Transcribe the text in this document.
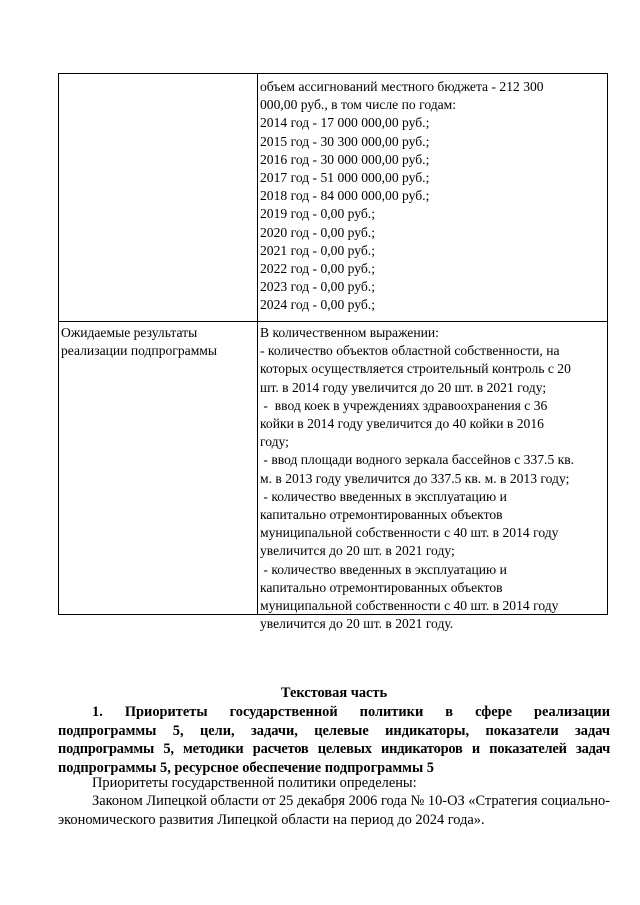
объем ассигнований местного бюджета - 212 300
000,00 руб., в том числе по годам:
2014 год - 17 000 000,00 руб.;
2015 год - 30 300 000,00 руб.;
2016 год - 30 000 000,00 руб.;
2017 год - 51 000 000,00 руб.;
2018 год - 84 000 000,00 руб.;
2019 год - 0,00 руб.;
2020 год - 0,00 руб.;
2021 год - 0,00 руб.;
2022 год - 0,00 руб.;
2023 год - 0,00 руб.;
2024 год - 0,00 руб.;
Ожидаемые результаты
реализации подпрограммы
В количественном выражении:
- количество объектов областной собственности, на
которых осуществляется строительный контроль с 20
шт. в 2014 году увеличится до 20 шт. в 2021 году;
-  ввод коек в учреждениях здравоохранения с 36
койки в 2014 году увеличится до 40 койки в 2016
году;
- ввод площади водного зеркала бассейнов с 337.5 кв.
м. в 2013 году увеличится до 337.5 кв. м. в 2013 году;
- количество введенных в эксплуатацию и
капитально отремонтированных объектов
муниципальной собственности с 40 шт. в 2014 году
увеличится до 20 шт. в 2021 году;
- количество введенных в эксплуатацию и
капитально отремонтированных объектов
муниципальной собственности с 40 шт. в 2014 году
увеличится до 20 шт. в 2021 году.
Текстовая часть
1. Приоритеты государственной политики в сфере реализации
подпрограммы 5, цели, задачи, целевые индикаторы, показатели задач
подпрограммы 5, методики расчетов целевых индикаторов и показателей задач
подпрограммы 5, ресурсное обеспечение подпрограммы 5
Приоритеты государственной политики определены:
Законом Липецкой области от 25 декабря 2006 года № 10-ОЗ «Стратегия социально-экономического развития Липецкой области на период до 2024 года».
